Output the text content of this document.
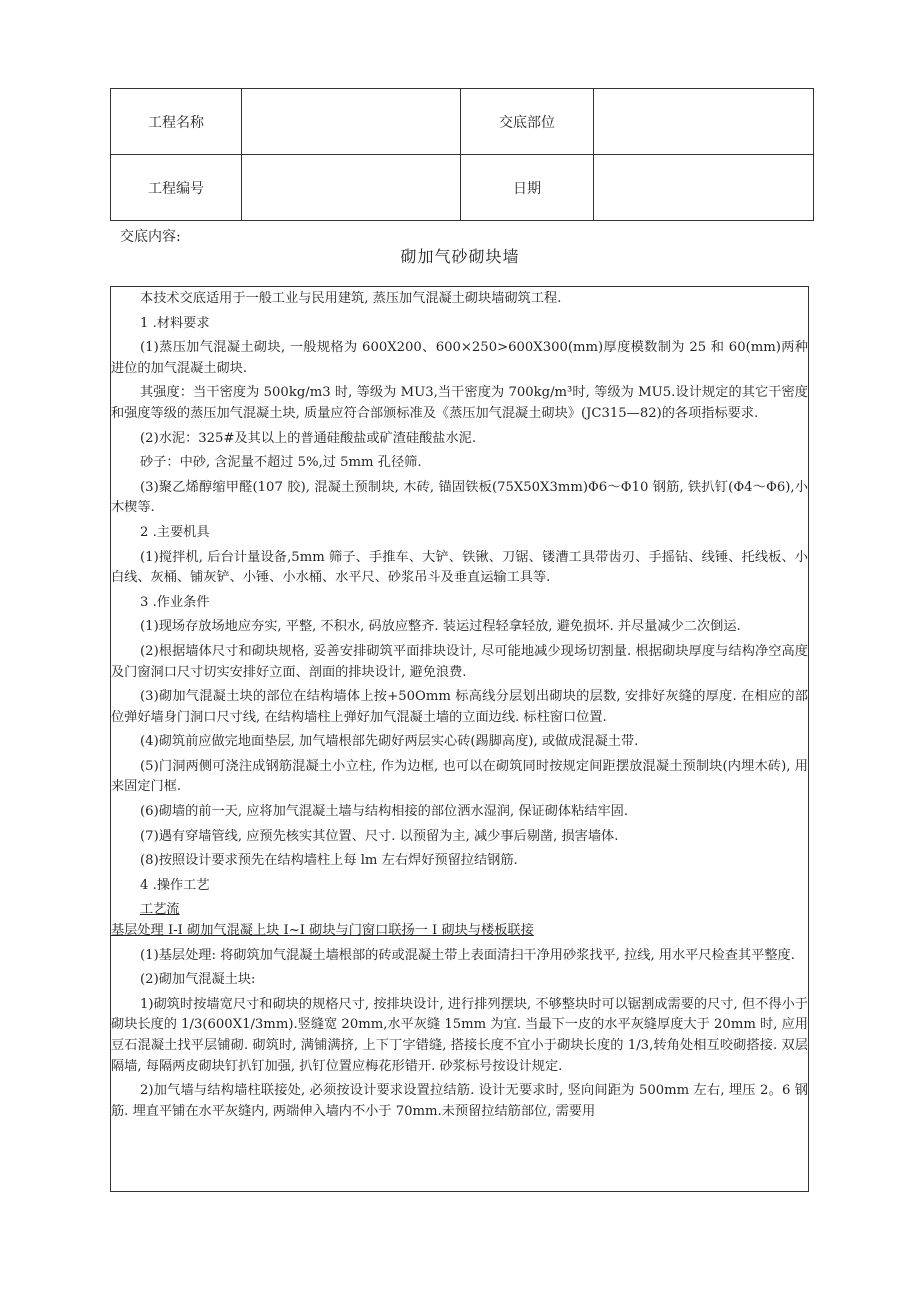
工程名称		交底部位	
工程编号		日期	
交底内容:
砌加气砂砌块墙

本技术交底适用于一般工业与民用建筑, 蒸压加气混凝土砌块墙砌筑工程.

1 .材料要求

(1)蒸压加气混凝土砌块, 一般规格为 600X200、600×250>600X300(mm)厚度模数制为 25 和 60(mm)两种进位的加气混凝土砌块.

其强度：当干密度为 500kg/m3 时, 等级为 MU3,当干密度为 700kg/m³时, 等级为 MU5.设计规定的其它干密度和强度等级的蒸压加气混凝土块, 质量应符合部颁标准及《蒸压加气混凝土砌块》(JC315—82)的各项指标要求.

(2)水泥：325#及其以上的普通硅酸盐或矿渣硅酸盐水泥.

砂子：中砂, 含泥量不超过 5%,过 5mm 孔径筛.

(3)聚乙烯醇缩甲醛(107 胶), 混凝土预制块, 木砖, 锚固铁板(75X50X3mm)Φ6～Φ10 钢筋, 铁扒钉(Φ4～Φ6),小木楔等.

2 .主要机具

(1)搅拌机, 后台计量设备,5mm 筛子、手推车、大铲、铁锹、刀锯、镂漕工具带齿刃、手摇钻、线锤、托线板、小白线、灰桶、铺灰铲、小锤、小水桶、水平尺、砂浆吊斗及垂直运输工具等.

3 .作业条件

(1)现场存放场地应夯实, 平整, 不积水, 码放应整齐. 装运过程轻拿轻放, 避免损坏. 并尽量减少二次倒运.

(2)根据墙体尺寸和砌块规格, 妥善安排砌筑平面排块设计, 尽可能地减少现场切割量. 根据砌块厚度与结构净空高度及门窗洞口尺寸切实安排好立面、剖面的排块设计, 避免浪费.

(3)砌加气混凝土块的部位在结构墙体上按+50Omm 标高线分层划出砌块的层数, 安排好灰缝的厚度. 在相应的部位弹好墙身门洞口尺寸线, 在结构墙柱上弹好加气混凝土墙的立面边线. 标柱窗口位置.

(4)砌筑前应做完地面垫层, 加气墙根部先砌好两层实心砖(踢脚高度), 或做成混凝土带.

(5)门洞两侧可浇注成钢筋混凝土小立柱, 作为边框, 也可以在砌筑同时按规定间距摆放混凝土预制块(内埋木砖), 用来固定门框.

(6)砌墙的前一天, 应将加气混凝土墙与结构相接的部位洒水湿润, 保证砌体粘结牢固.

(7)遇有穿墙管线, 应预先核实其位置、尺寸. 以预留为主, 减少事后剔凿, 损害墙体.

(8)按照设计要求预先在结构墙柱上每 lm 左右焊好预留拉结钢筋.

4 .操作工艺

工艺流

基层处理 I-I 砌加气混凝上块 I~I 砌块与门窗口联扬一 I 砌块与楼板联接

(1)基层处理: 将砌筑加气混凝土墙根部的砖或混凝土带上表面清扫干净用砂浆找平, 拉线, 用水平尺检查其平整度.

(2)砌加气混凝土块:

1)砌筑时按墙宽尺寸和砌块的规格尺寸, 按排块设计, 进行排列摆块, 不够整块时可以锯割成需要的尺寸, 但不得小于砌块长度的 1/3(600X1/3mm).竖缝宽 20mm,水平灰缝 15mm 为宜. 当最下一皮的水平灰缝厚度大于 20mm 时, 应用豆石混凝土找平层铺砌. 砌筑时, 满铺满挤, 上下丁字错缝, 搭接长度不宜小于砌块长度的 1/3,转角处相互咬砌搭接. 双层隔墙, 每隔两皮砌块钉扒钉加强, 扒钉位置应梅花形错开. 砂浆标号按设计规定.

2)加气墙与结构墙柱联接处, 必须按设计要求设置拉结筋. 设计无要求时, 竖向间距为 500mm 左右, 埋压 2。6 钢筋. 埋直平铺在水平灰缝内, 两端伸入墙内不小于 70mm.未预留拉结筋部位, 需要用
